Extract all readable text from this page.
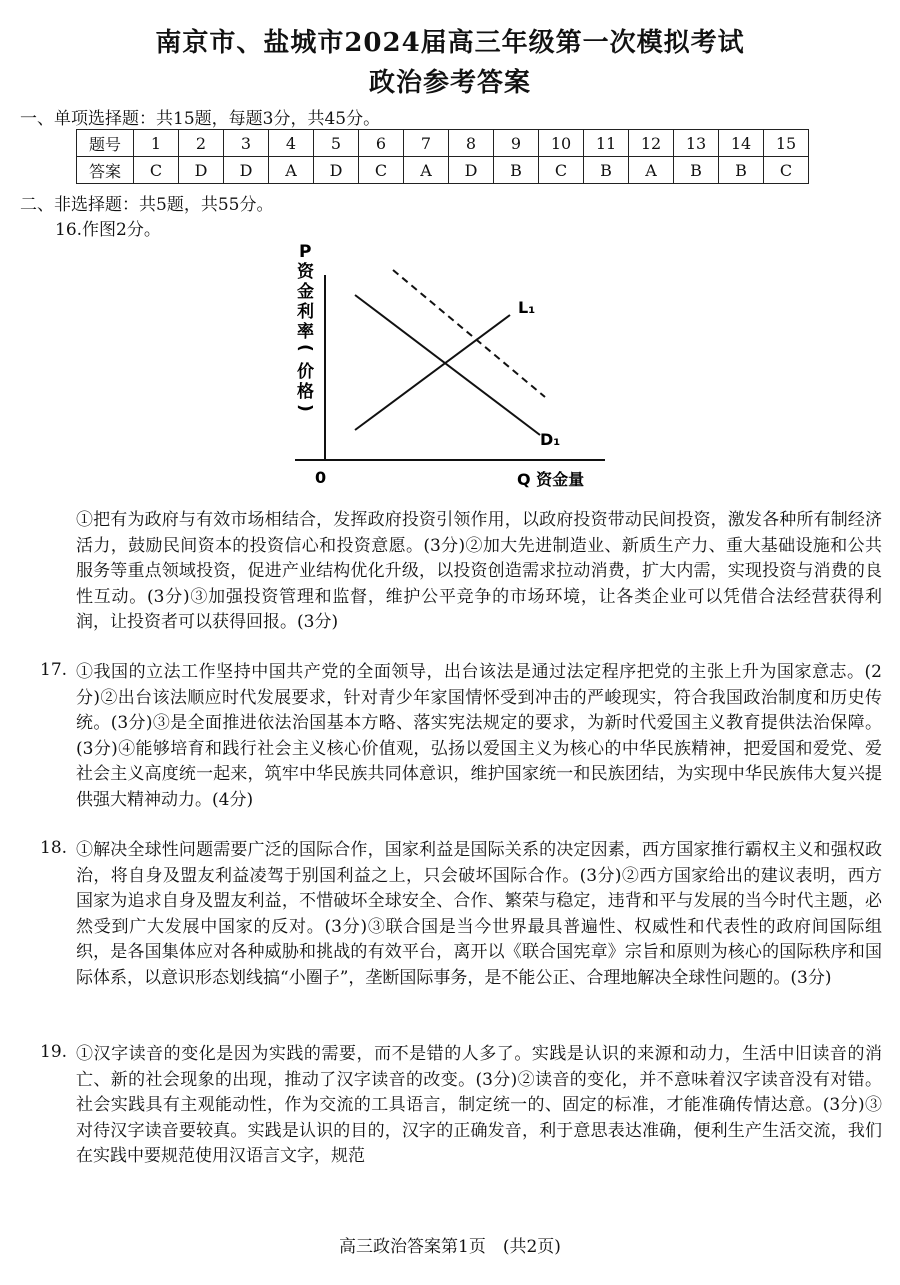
南京市、盐城市2024届高三年级第一次模拟考试
政治参考答案
一、单项选择题：共15题，每题3分，共45分。
题号	1	2	3	4	5	6	7	8	9	10	11	12	13	14	15
答案	C	D	D	A	D	C	A	D	B	C	B	A	B	B	C
二、非选择题：共5题，共55分。
16.作图2分。
P
资
金
利
率
(
价
格
)
0	Q 资金量
L₁
D₁

①把有为政府与有效市场相结合，发挥政府投资引领作用，以政府投资带动民间投资，激发各种所有制经济活力，鼓励民间资本的投资信心和投资意愿。(3分)②加大先进制造业、新质生产力、重大基础设施和公共服务等重点领域投资，促进产业结构优化升级，以投资创造需求拉动消费，扩大内需，实现投资与消费的良性互动。(3分)③加强投资管理和监督，维护公平竞争的市场环境，让各类企业可以凭借合法经营获得利润，让投资者可以获得回报。(3分)

17. ①我国的立法工作坚持中国共产党的全面领导，出台该法是通过法定程序把党的主张上升为国家意志。(2分)②出台该法顺应时代发展要求，针对青少年家国情怀受到冲击的严峻现实，符合我国政治制度和历史传统。(3分)③是全面推进依法治国基本方略、落实宪法规定的要求，为新时代爱国主义教育提供法治保障。(3分)④能够培育和践行社会主义核心价值观，弘扬以爱国主义为核心的中华民族精神，把爱国和爱党、爱社会主义高度统一起来，筑牢中华民族共同体意识，维护国家统一和民族团结，为实现中华民族伟大复兴提供强大精神动力。(4分)

18. ①解决全球性问题需要广泛的国际合作，国家利益是国际关系的决定因素，西方国家推行霸权主义和强权政治，将自身及盟友利益凌驾于别国利益之上，只会破坏国际合作。(3分)②西方国家给出的建议表明，西方国家为追求自身及盟友利益，不惜破坏全球安全、合作、繁荣与稳定，违背和平与发展的当今时代主题，必然受到广大发展中国家的反对。(3分)③联合国是当今世界最具普遍性、权威性和代表性的政府间国际组织，是各国集体应对各种威胁和挑战的有效平台，离开以《联合国宪章》宗旨和原则为核心的国际秩序和国际体系，以意识形态划线搞“小圈子”，垄断国际事务，是不能公正、合理地解决全球性问题的。(3分)

19. ①汉字读音的变化是因为实践的需要，而不是错的人多了。实践是认识的来源和动力，生活中旧读音的消亡、新的社会现象的出现，推动了汉字读音的改变。(3分)②读音的变化，并不意味着汉字读音没有对错。社会实践具有主观能动性，作为交流的工具语言，制定统一的、固定的标准，才能准确传情达意。(3分)③对待汉字读音要较真。实践是认识的目的，汉字的正确发音，利于意思表达准确，便利生产生活交流，我们在实践中要规范使用汉语言文字，规范

高三政治答案第1页　(共2页)
